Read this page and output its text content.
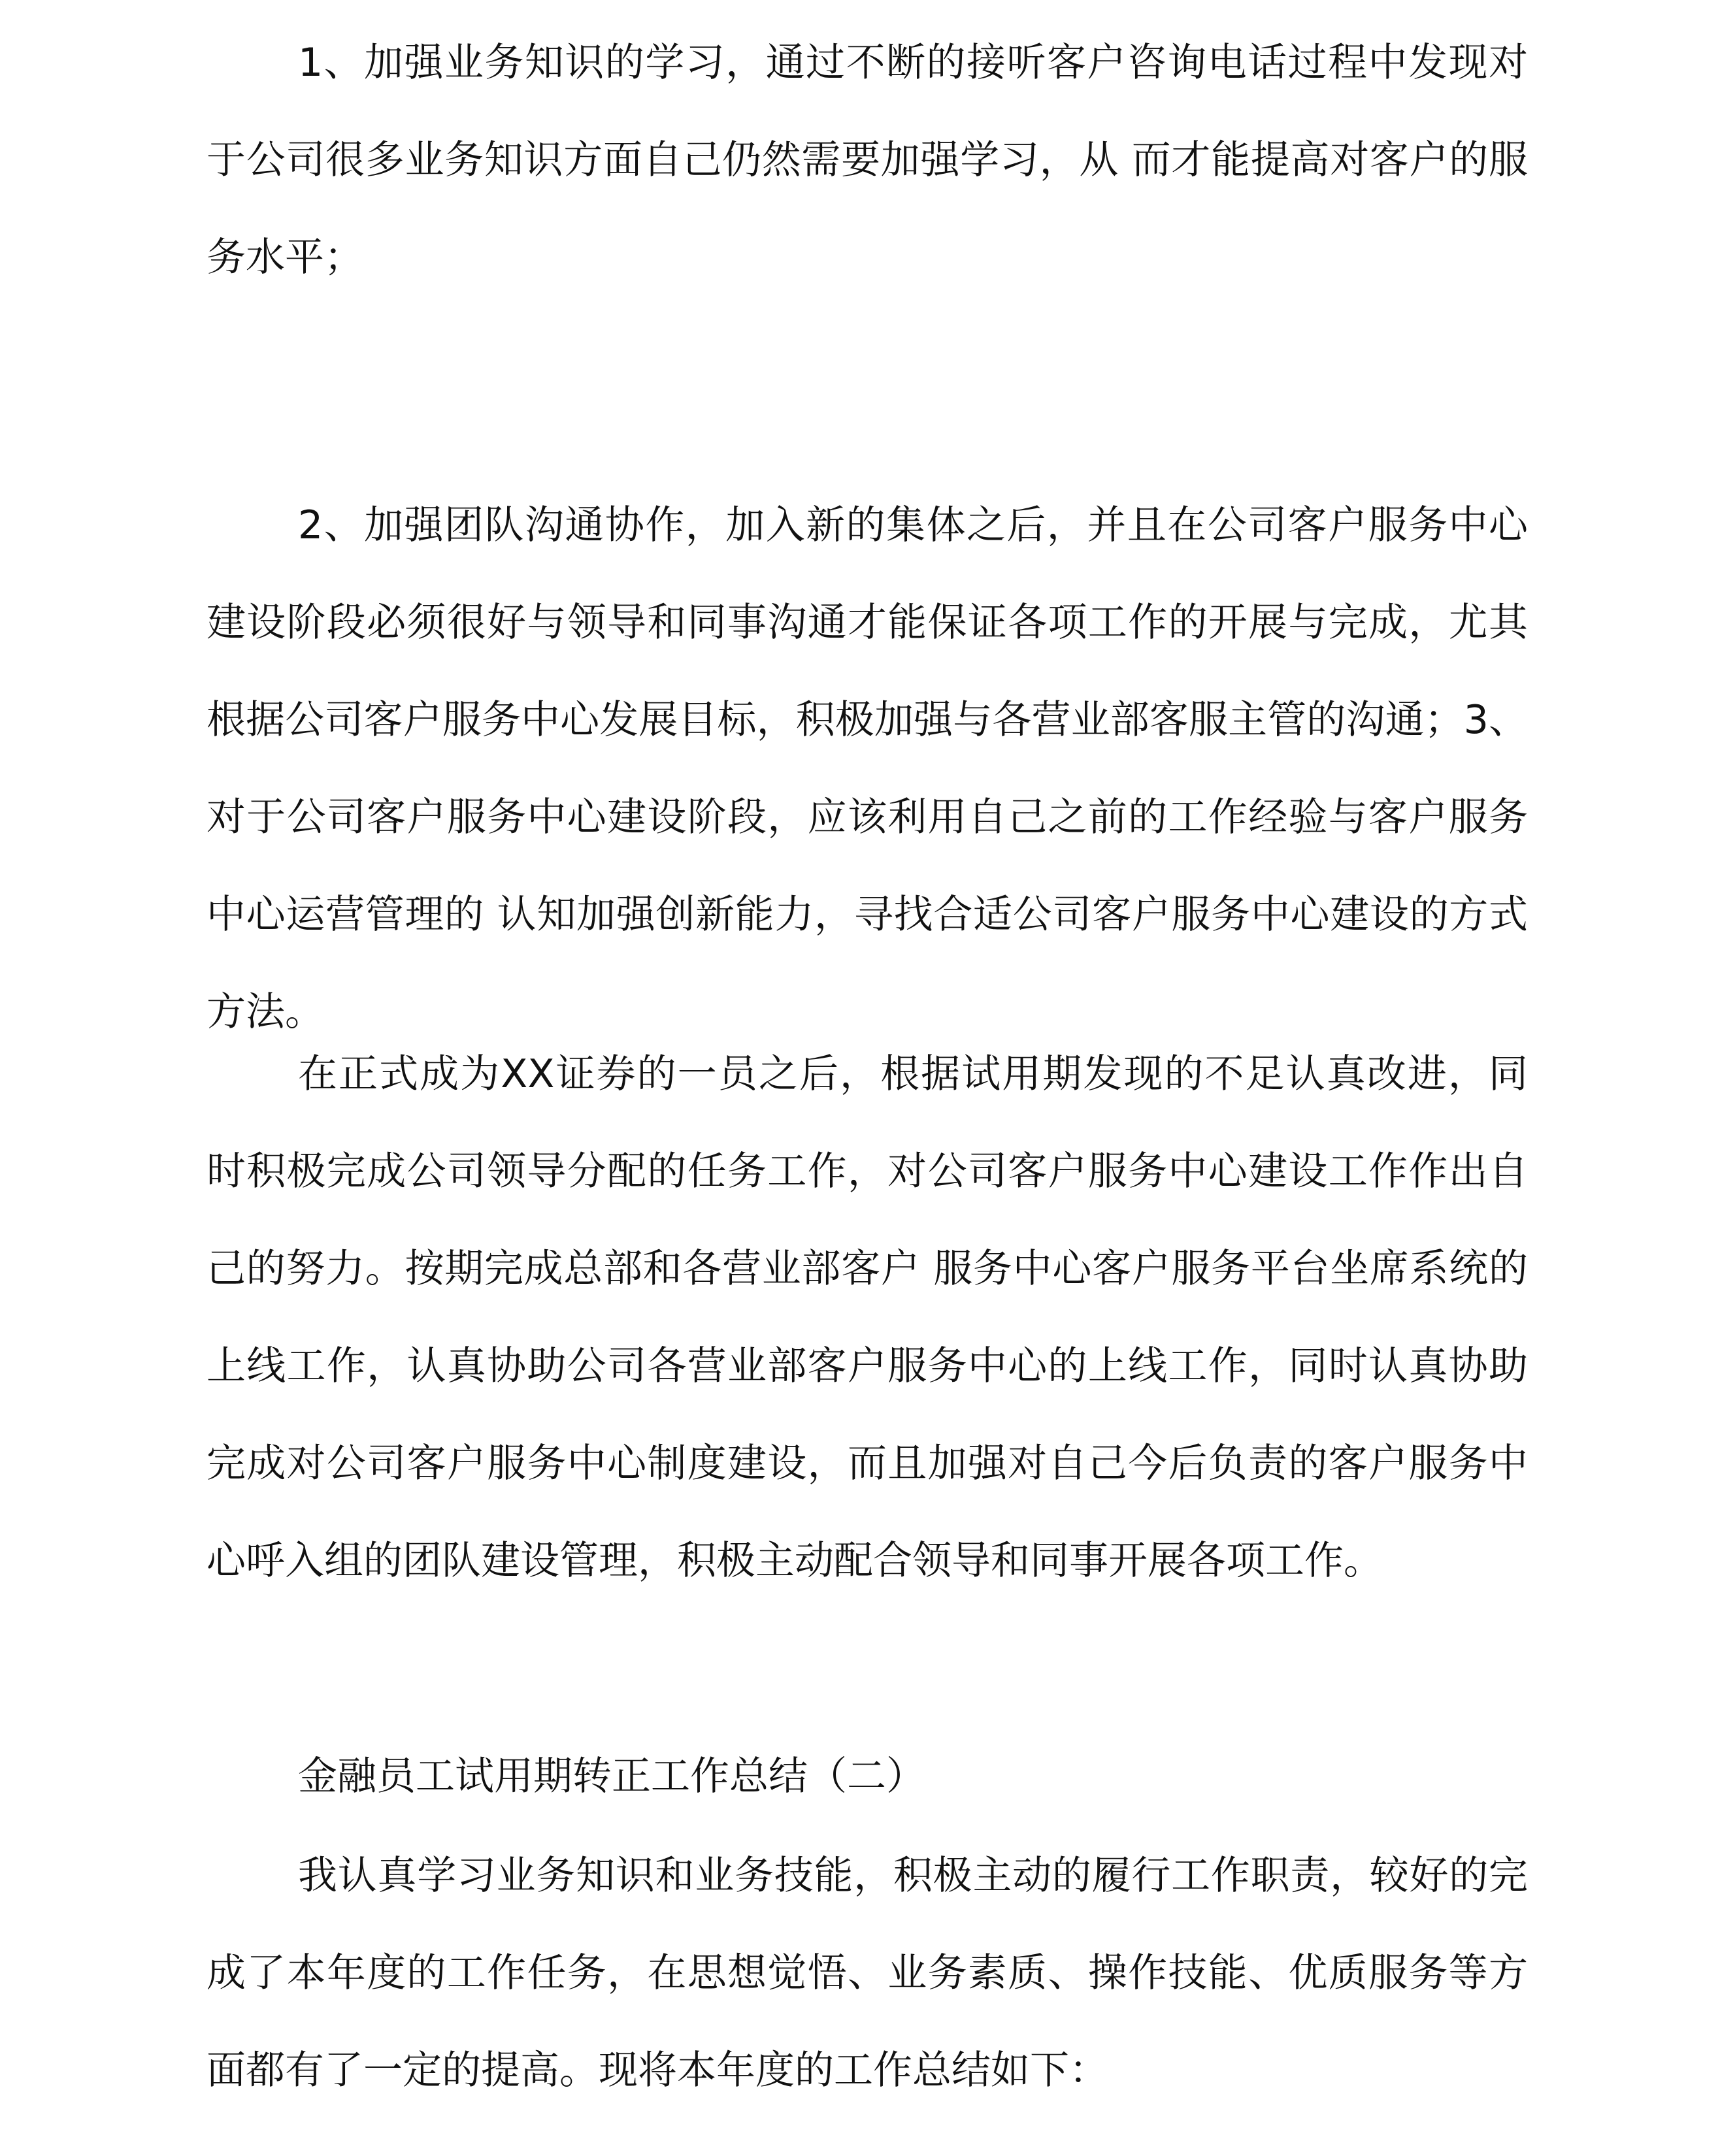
1、加强业务知识的学习，通过不断的接听客户咨询电话过程中发现对于公司很多业务知识方面自己仍然需要加强学习，从 而才能提高对客户的服务水平；

2、加强团队沟通协作，加入新的集体之后，并且在公司客户服务中心建设阶段必须很好与领导和同事沟通才能保证各项工作的开展与完成，尤其根据公司客户服务中心发展目标，积极加强与各营业部客服主管的沟通；3、对于公司客户服务中心建设阶段，应该利用自己之前的工作经验与客户服务中心运营管理的 认知加强创新能力，寻找合适公司客户服务中心建设的方式方法。

在正式成为XX证券的一员之后，根据试用期发现的不足认真改进，同时积极完成公司领导分配的任务工作，对公司客户服务中心建设工作作出自己的努力。按期完成总部和各营业部客户 服务中心客户服务平台坐席系统的上线工作，认真协助公司各营业部客户服务中心的上线工作，同时认真协助完成对公司客户服务中心制度建设，而且加强对自己今后负责的客户服务中心呼入组的团队建设管理，积极主动配合领导和同事开展各项工作。

金融员工试用期转正工作总结（二）

我认真学习业务知识和业务技能，积极主动的履行工作职责，较好的完成了本年度的工作任务，在思想觉悟、业务素质、操作技能、优质服务等方面都有了一定的提高。现将本年度的工作总结如下：
